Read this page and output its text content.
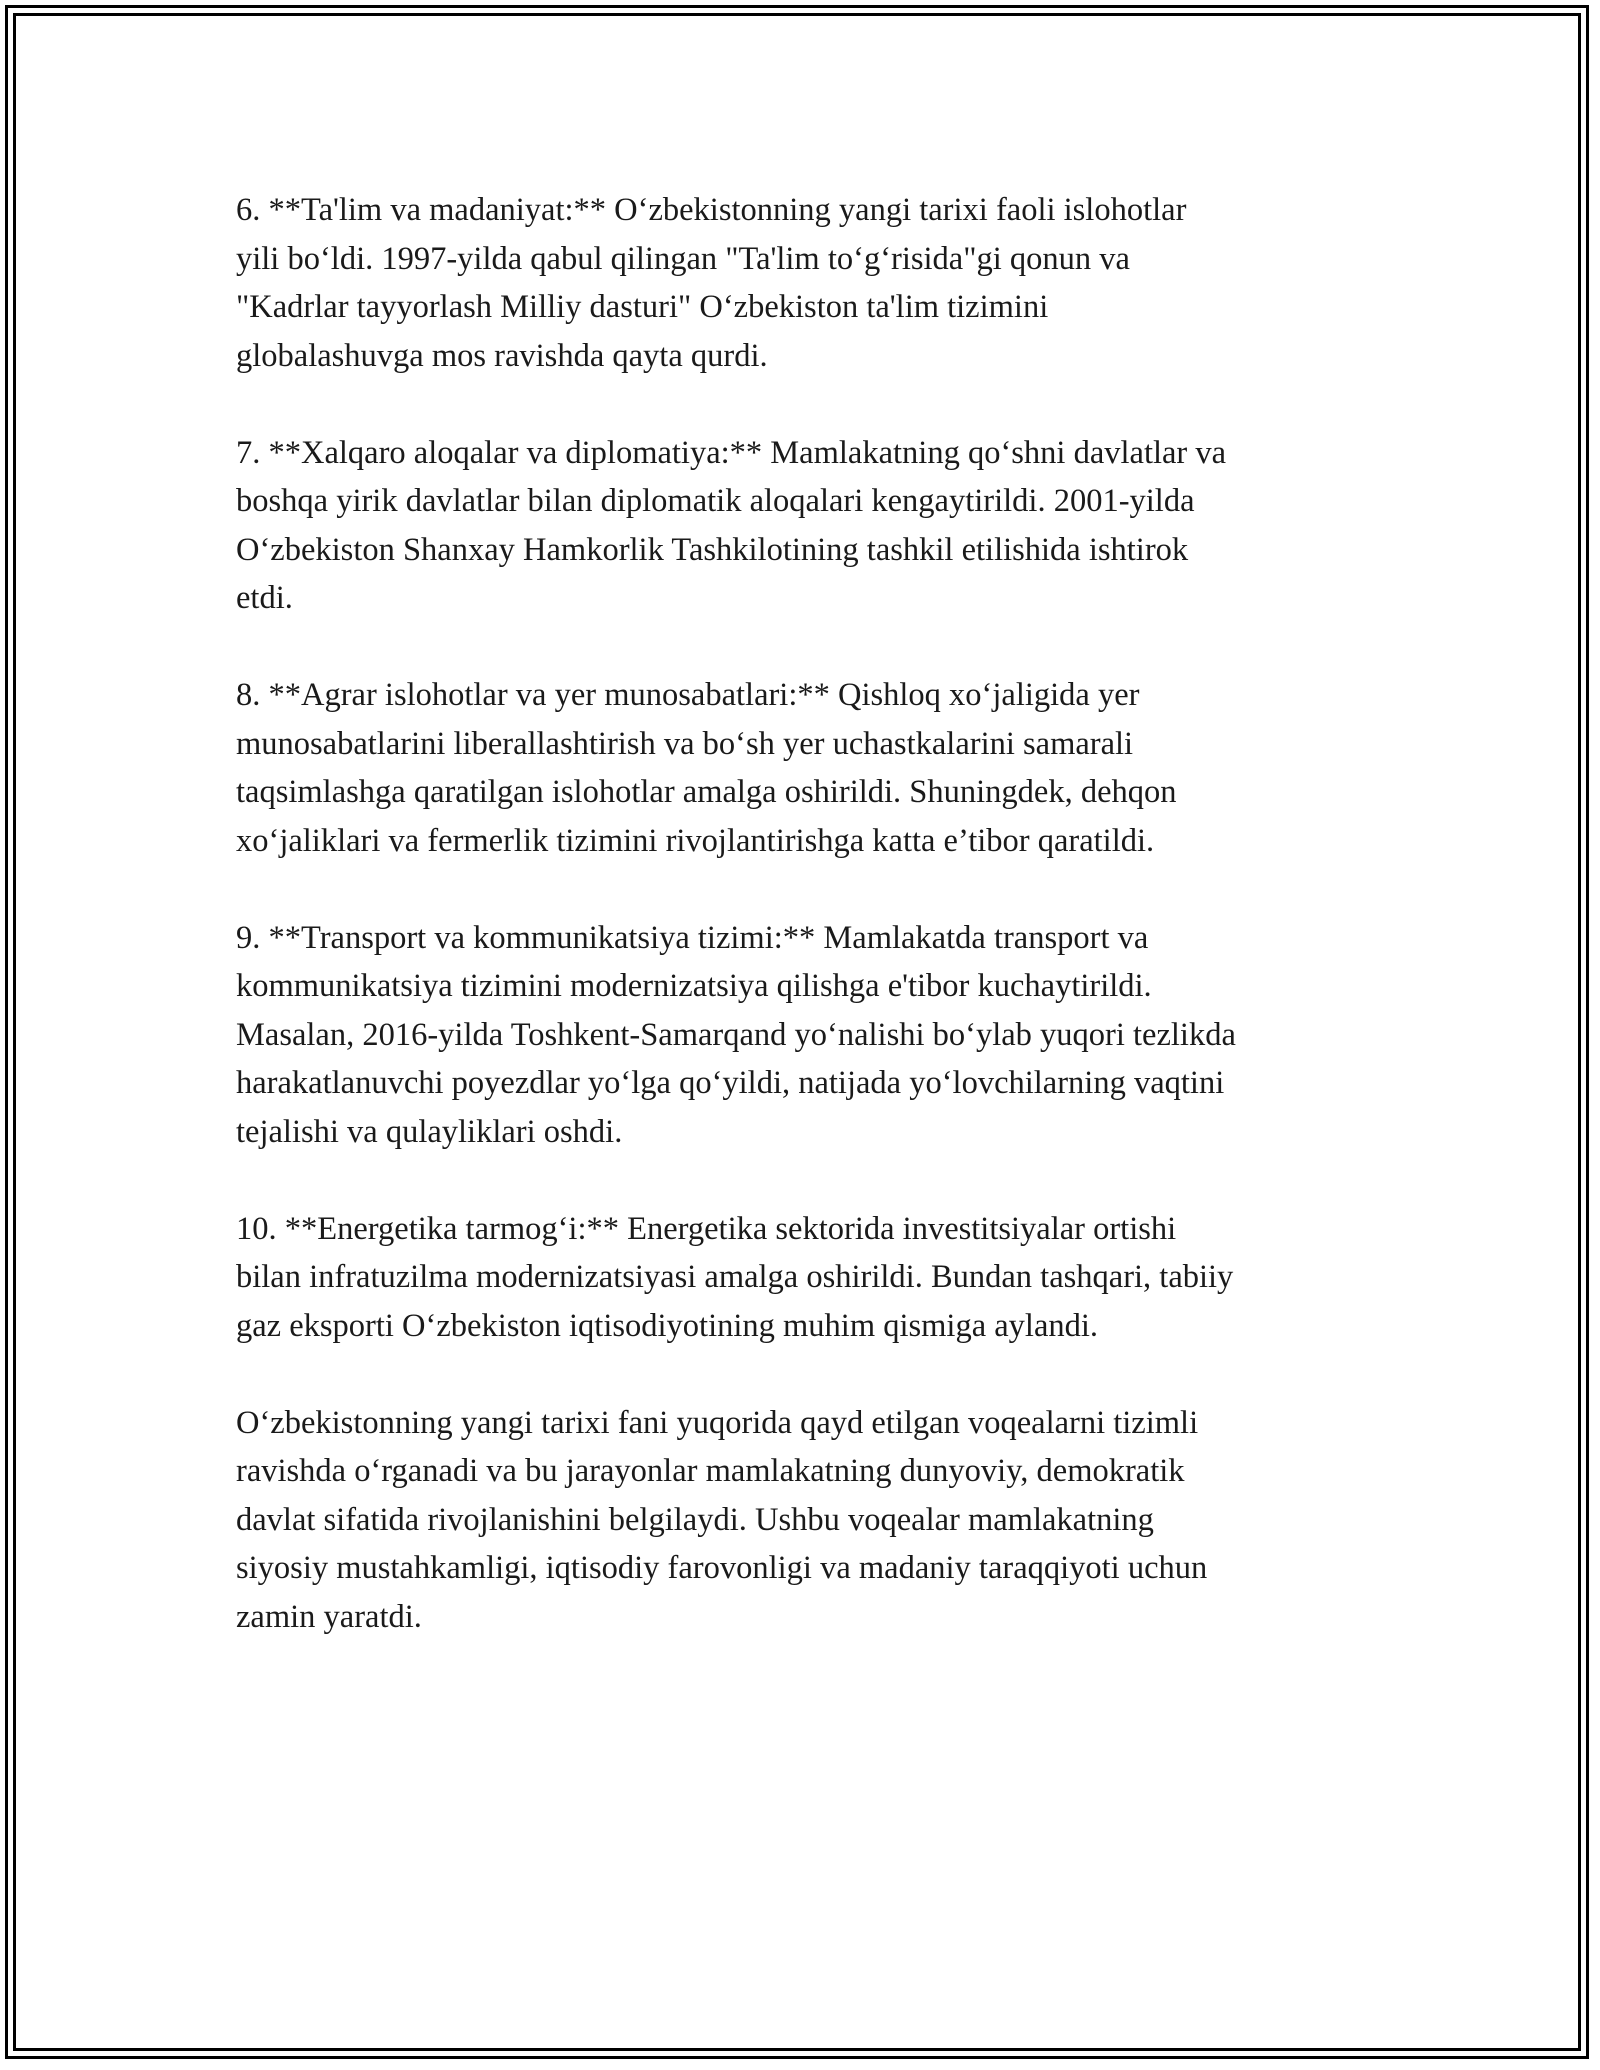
6. **Ta'lim va madaniyat:** O‘zbekistonning yangi tarixi faoli islohotlar
yili bo‘ldi. 1997-yilda qabul qilingan "Ta'lim to‘g‘risida"gi qonun va
"Kadrlar tayyorlash Milliy dasturi" O‘zbekiston ta'lim tizimini
globalashuvga mos ravishda qayta qurdi.

7. **Xalqaro aloqalar va diplomatiya:** Mamlakatning qo‘shni davlatlar va
boshqa yirik davlatlar bilan diplomatik aloqalari kengaytirildi. 2001-yilda
O‘zbekiston Shanxay Hamkorlik Tashkilotining tashkil etilishida ishtirok
etdi.

8. **Agrar islohotlar va yer munosabatlari:** Qishloq xo‘jaligida yer
munosabatlarini liberallashtirish va bo‘sh yer uchastkalarini samarali
taqsimlashga qaratilgan islohotlar amalga oshirildi. Shuningdek, dehqon
xo‘jaliklari va fermerlik tizimini rivojlantirishga katta e’tibor qaratildi.

9. **Transport va kommunikatsiya tizimi:** Mamlakatda transport va
kommunikatsiya tizimini modernizatsiya qilishga e'tibor kuchaytirildi.
Masalan, 2016-yilda Toshkent-Samarqand yo‘nalishi bo‘ylab yuqori tezlikda
harakatlanuvchi poyezdlar yo‘lga qo‘yildi, natijada yo‘lovchilarning vaqtini
tejalishi va qulayliklari oshdi.

10. **Energetika tarmog‘i:** Energetika sektorida investitsiyalar ortishi
bilan infratuzilma modernizatsiyasi amalga oshirildi. Bundan tashqari, tabiiy
gaz eksporti O‘zbekiston iqtisodiyotining muhim qismiga aylandi.

O‘zbekistonning yangi tarixi fani yuqorida qayd etilgan voqealarni tizimli
ravishda o‘rganadi va bu jarayonlar mamlakatning dunyoviy, demokratik
davlat sifatida rivojlanishini belgilaydi. Ushbu voqealar mamlakatning
siyosiy mustahkamligi, iqtisodiy farovonligi va madaniy taraqqiyoti uchun
zamin yaratdi.
